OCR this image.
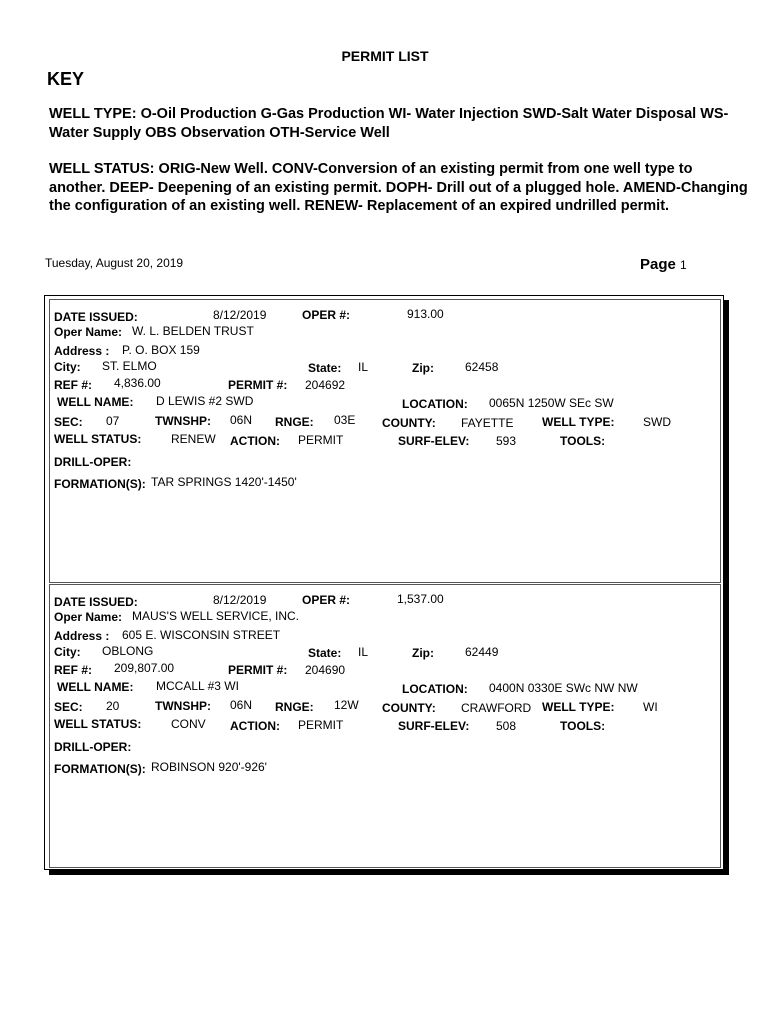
PERMIT LIST
KEY
WELL TYPE: O-Oil Production G-Gas Production WI- Water Injection SWD-Salt Water Disposal WS-Water Supply OBS Observation OTH-Service Well
WELL STATUS: ORIG-New Well. CONV-Conversion of an existing permit from one well type to another. DEEP- Deepening of an existing permit. DOPH- Drill out of a plugged hole. AMEND-Changing the configuration of an existing well. RENEW- Replacement of an expired undrilled permit.
Tuesday, August 20, 2019	Page 1
DATE ISSUED:	8/12/2019	OPER #:	913.00
Oper Name: W. L. BELDEN TRUST
Address : P. O. BOX 159
City: ST. ELMO	State: IL	Zip:	62458
REF #: 4,836.00	PERMIT #: 204692
WELL NAME: D LEWIS #2 SWD	LOCATION: 0065N 1250W SEc SW
SEC: 07	TWNSHP: 06N RNGE: 03E COUNTY: FAYETTE WELL TYPE: SWD
WELL STATUS: RENEW ACTION: PERMIT	SURF-ELEV: 593	TOOLS:
DRILL-OPER:
FORMATION(S): TAR SPRINGS 1420'-1450'
DATE ISSUED:	8/12/2019	OPER #:	1,537.00
Oper Name: MAUS'S WELL SERVICE, INC.
Address : 605 E. WISCONSIN STREET
City: OBLONG	State: IL	Zip:	62449
REF #: 209,807.00	PERMIT #: 204690
WELL NAME: MCCALL #3 WI	LOCATION: 0400N 0330E SWc NW NW
SEC: 20	TWNSHP: 06N RNGE: 12W COUNTY: CRAWFORD WELL TYPE: WI
WELL STATUS: CONV ACTION: PERMIT	SURF-ELEV: 508	TOOLS:
DRILL-OPER:
FORMATION(S): ROBINSON 920'-926'
